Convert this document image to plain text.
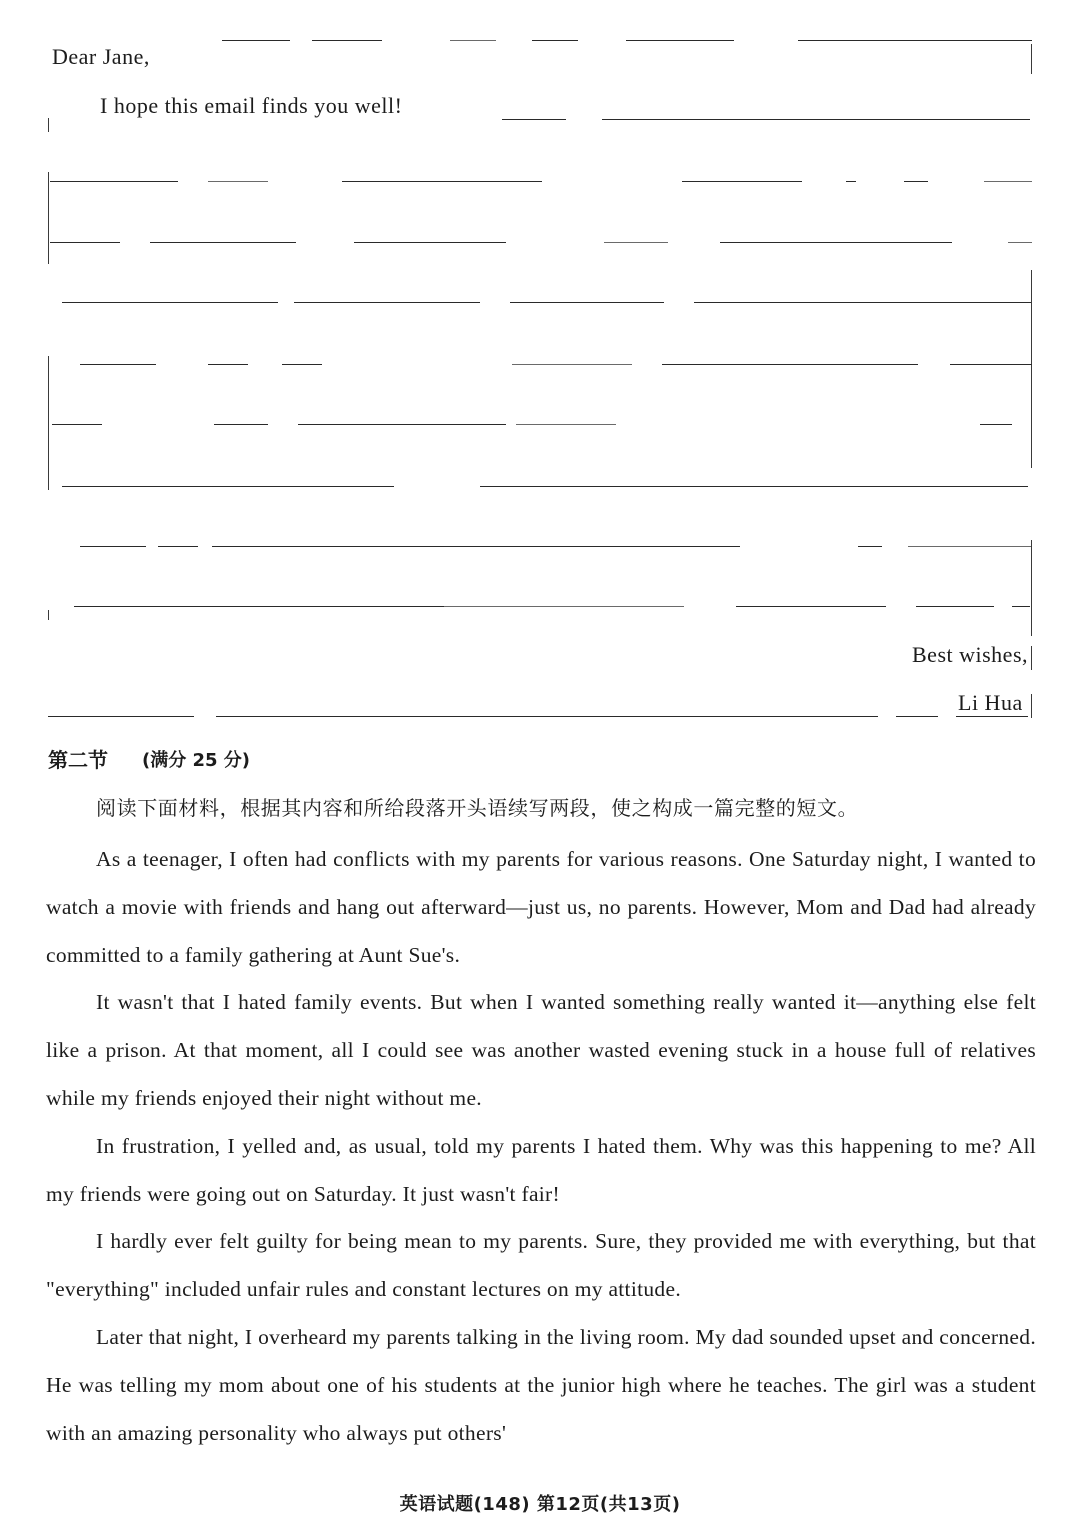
Dear Jane,
I hope this email finds you well!
Best wishes,
Li Hua
第二节 (满分 25 分)
阅读下面材料，根据其内容和所给段落开头语续写两段，使之构成一篇完整的短文。

As a teenager, I often had conflicts with my parents for various reasons. One Saturday night, I wanted to watch a movie with friends and hang out afterward—just us, no parents. However, Mom and Dad had already committed to a family gathering at Aunt Sue's.

It wasn't that I hated family events. But when I wanted something really wanted it—anything else felt like a prison. At that moment, all I could see was another wasted evening stuck in a house full of relatives while my friends enjoyed their night without me.

In frustration, I yelled and, as usual, told my parents I hated them. Why was this happening to me? All my friends were going out on Saturday. It just wasn't fair!

I hardly ever felt guilty for being mean to my parents. Sure, they provided me with everything, but that "everything" included unfair rules and constant lectures on my attitude.

Later that night, I overheard my parents talking in the living room. My dad sounded upset and concerned. He was telling my mom about one of his students at the junior high where he teaches. The girl was a student with an amazing personality who always put others'

英语试题(148) 第12页(共13页)
